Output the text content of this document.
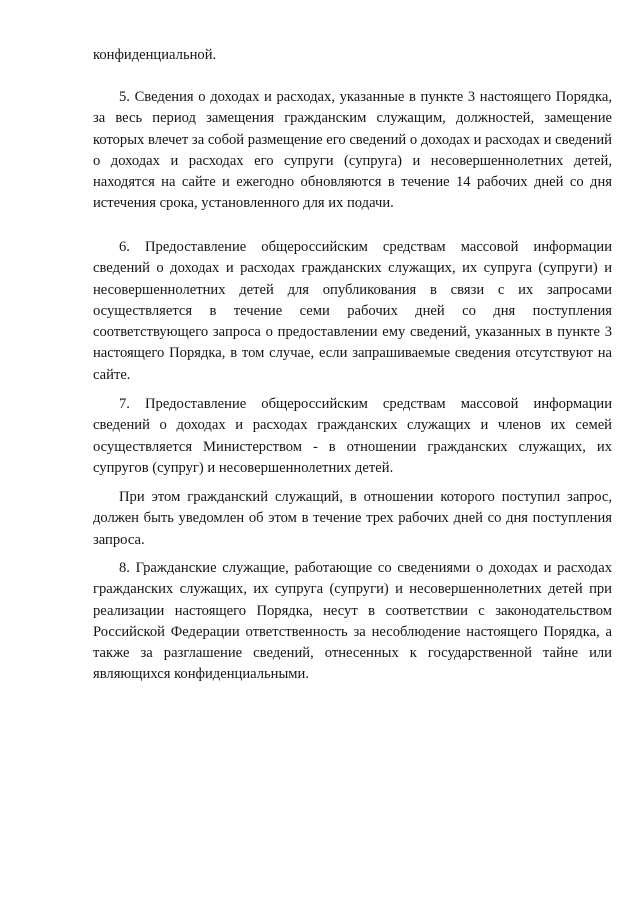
конфиденциальной.

5. Сведения о доходах и расходах, указанные в пункте 3 настоящего Порядка, за весь период замещения гражданским служащим, должностей, замещение которых влечет за собой размещение его сведений о доходах и расходах и сведений о доходах и расходах его супруги (супруга) и несовершеннолетних детей, находятся на сайте и ежегодно обновляются в течение 14 рабочих дней со дня истечения срока, установленного для их подачи.

6. Предоставление общероссийским средствам массовой информации сведений о доходах и расходах гражданских служащих, их супруга (супруги) и несовершеннолетних детей для опубликования в связи с их запросами осуществляется в течение семи рабочих дней со дня поступления соответствующего запроса о предоставлении ему сведений, указанных в пункте 3 настоящего Порядка, в том случае, если запрашиваемые сведения отсутствуют на сайте.

7. Предоставление общероссийским средствам массовой информации сведений о доходах и расходах гражданских служащих и членов их семей осуществляется Министерством - в отношении гражданских служащих, их супругов (супруг) и несовершеннолетних детей.

При этом гражданский служащий, в отношении которого поступил запрос, должен быть уведомлен об этом в течение трех рабочих дней со дня поступления запроса.

8. Гражданские служащие, работающие со сведениями о доходах и расходах гражданских служащих, их супруга (супруги) и несовершеннолетних детей при реализации настоящего Порядка, несут в соответствии с законодательством Российской Федерации ответственность за несоблюдение настоящего Порядка, а также за разглашение сведений, отнесенных к государственной тайне или являющихся конфиденциальными.
